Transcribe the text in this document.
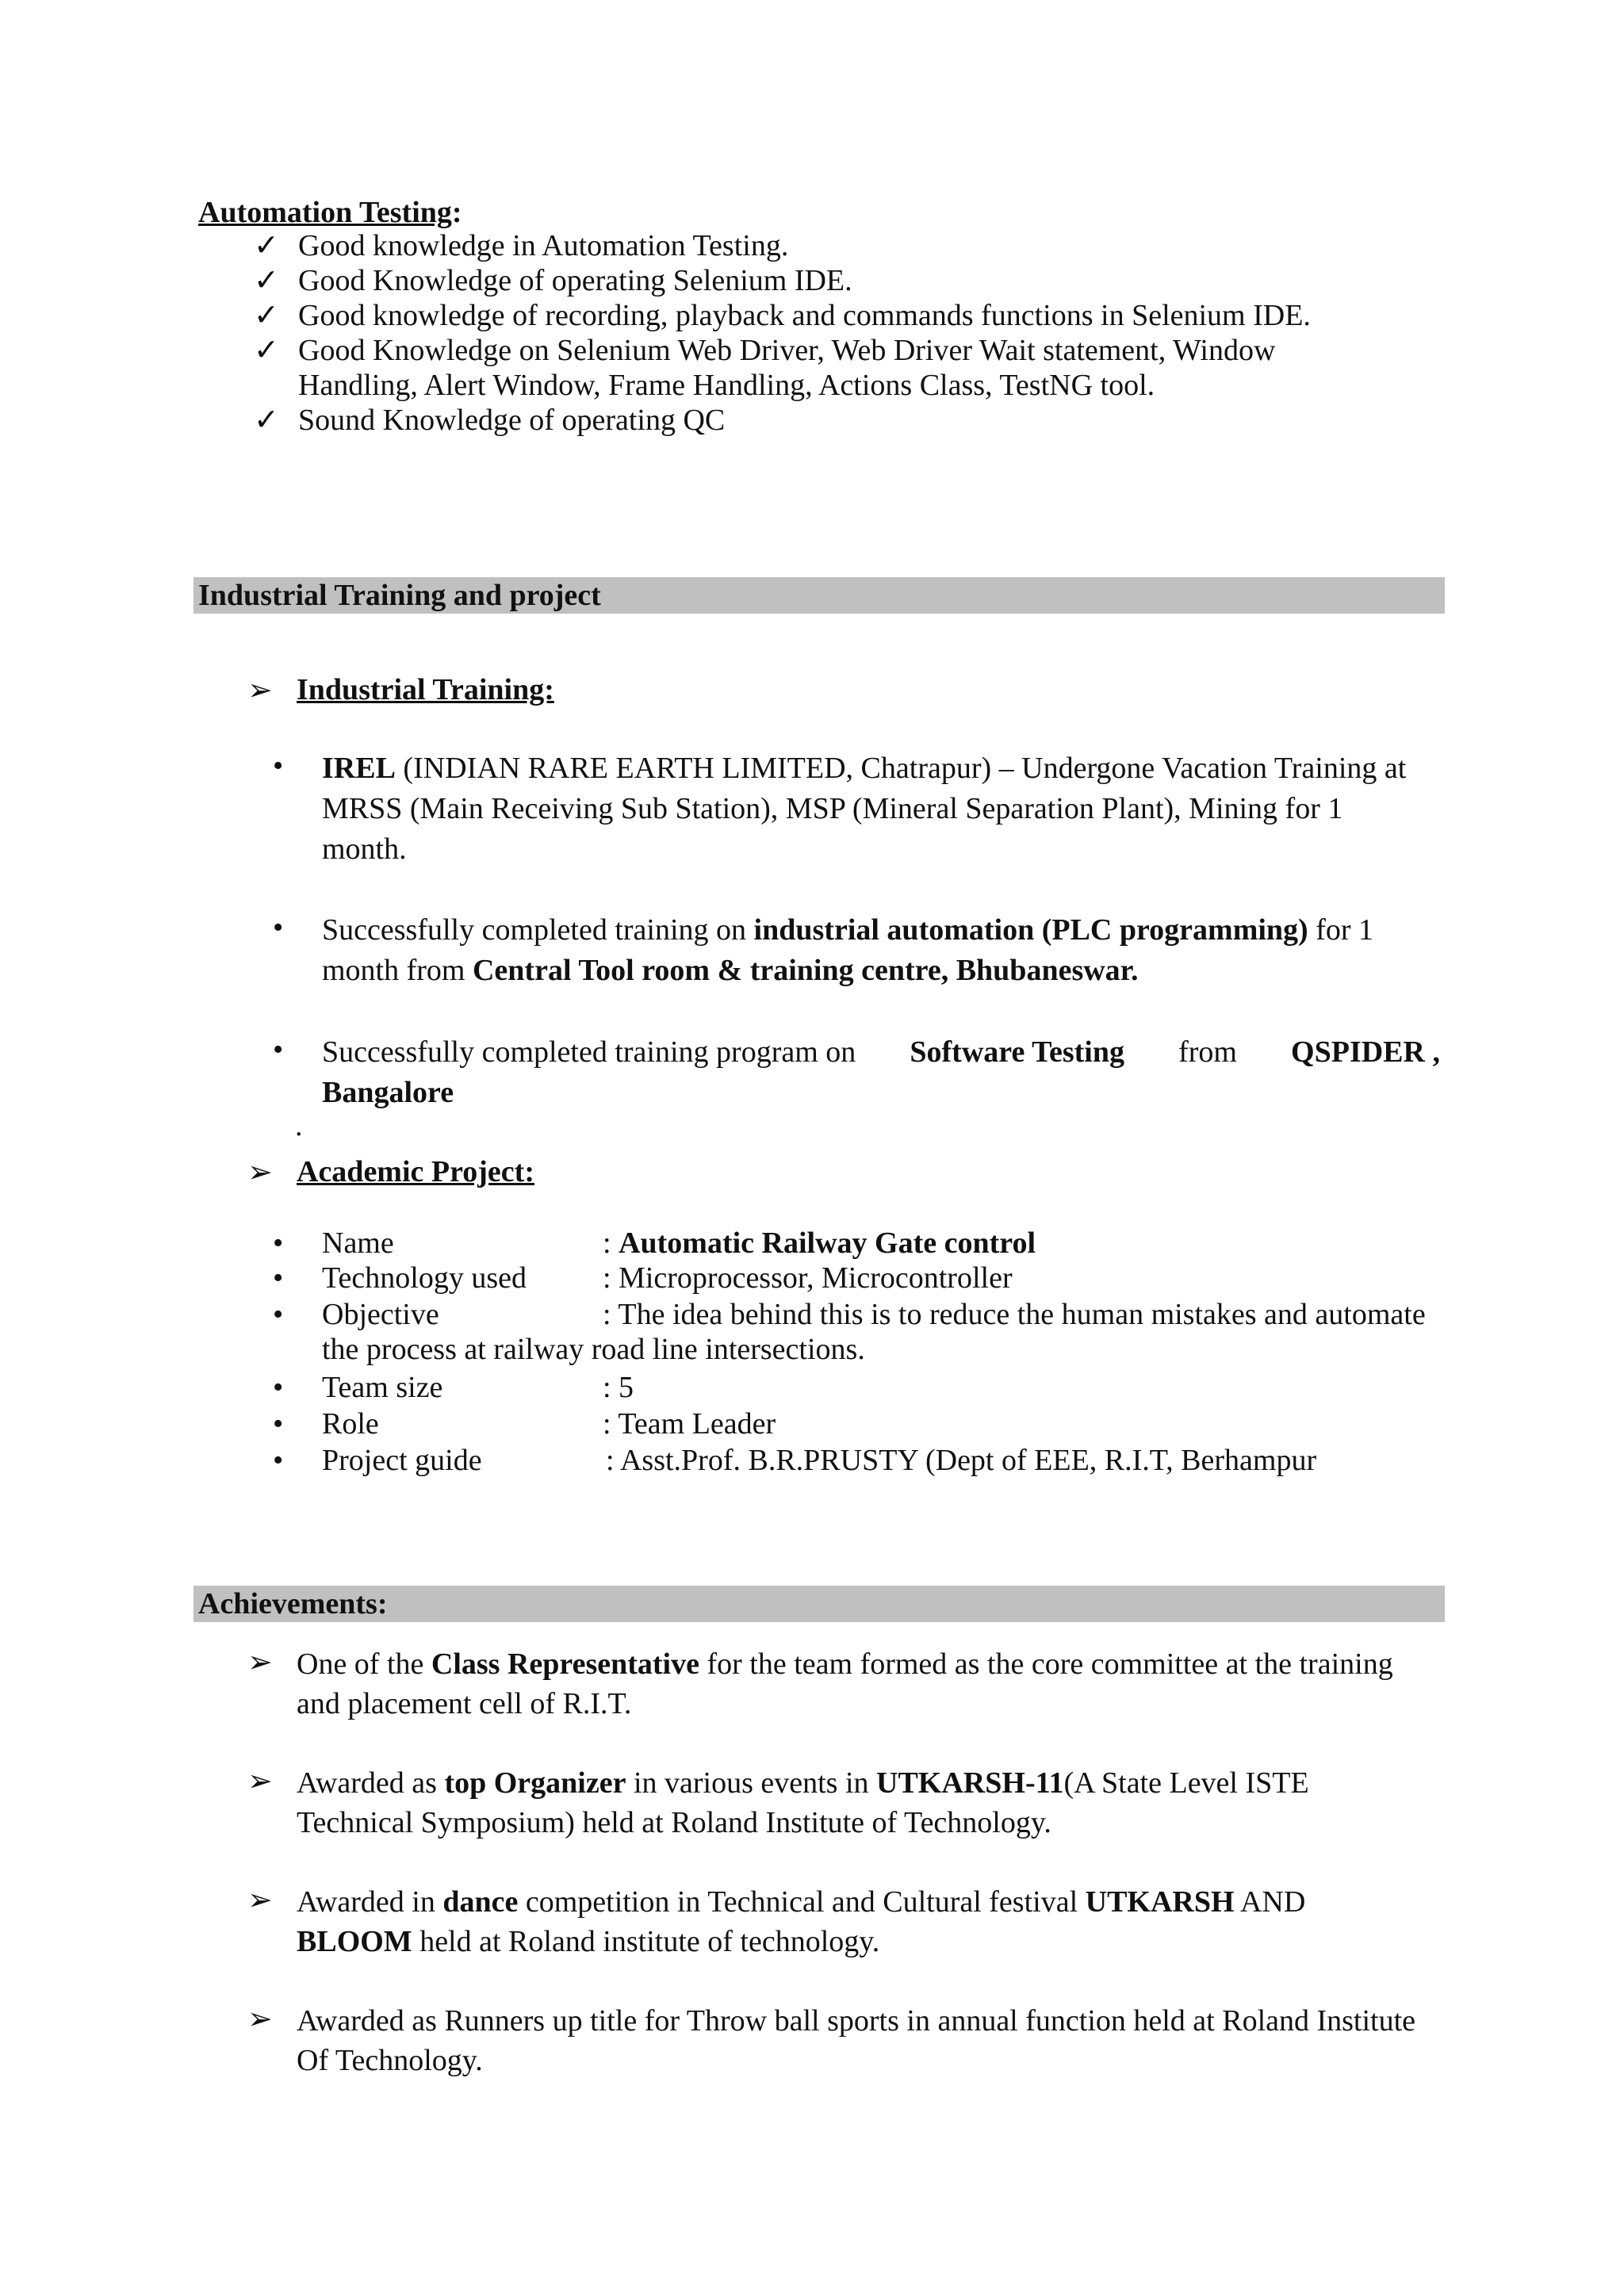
Automation Testing:
✓ Good knowledge in Automation Testing.
✓ Good Knowledge of operating Selenium IDE.
✓ Good knowledge of recording, playback and commands functions in Selenium IDE.
✓ Good Knowledge on Selenium Web Driver, Web Driver Wait statement, Window
Handling, Alert Window, Frame Handling, Actions Class, TestNG tool.
✓ Sound Knowledge of operating QC
Industrial Training and project
➢ Industrial Training:
• IREL (INDIAN RARE EARTH LIMITED, Chatrapur) – Undergone Vacation Training at
MRSS (Main Receiving Sub Station), MSP (Mineral Separation Plant), Mining for 1
month.
• Successfully completed training on industrial automation (PLC programming) for 1
month from Central Tool room & training centre, Bhubaneswar.
• Successfully completed training program on Software Testing from QSPIDER ,
Bangalore
.
➢ Academic Project:
• Name	: Automatic Railway Gate control
• Technology used	: Microprocessor, Microcontroller
• Objective	: The idea behind this is to reduce the human mistakes and automate
the process at railway road line intersections.
• Team size	: 5
• Role	: Team Leader
• Project guide	: Asst.Prof. B.R.PRUSTY (Dept of EEE, R.I.T, Berhampur
Achievements:
➢ One of the Class Representative for the team formed as the core committee at the training
and placement cell of R.I.T.
➢ Awarded as top Organizer in various events in UTKARSH-11(A State Level ISTE
Technical Symposium) held at Roland Institute of Technology.
➢ Awarded in dance competition in Technical and Cultural festival UTKARSH AND
BLOOM held at Roland institute of technology.
➢ Awarded as Runners up title for Throw ball sports in annual function held at Roland Institute
Of Technology.
